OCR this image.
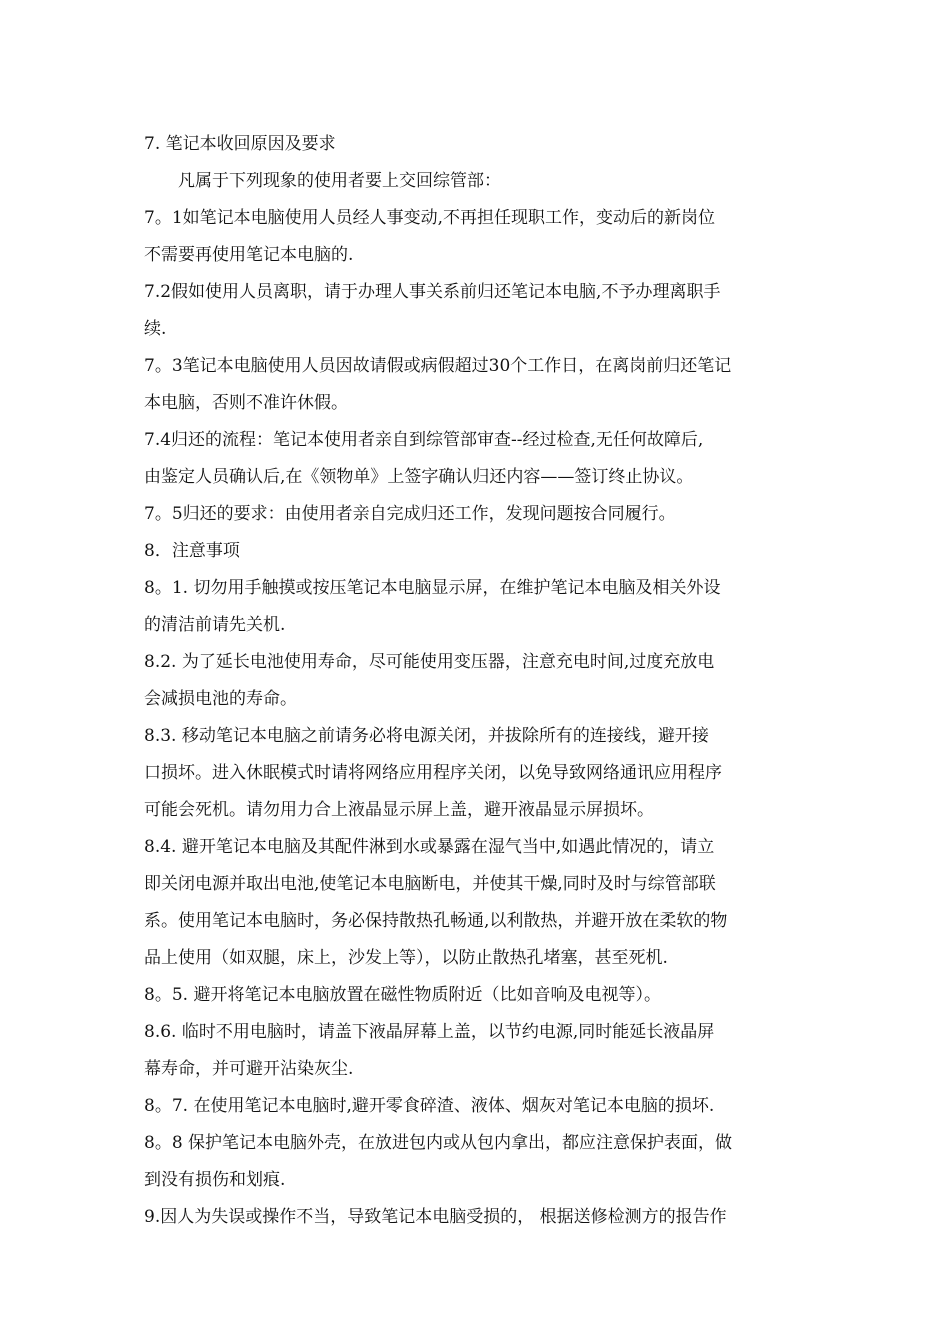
7. 笔记本收回原因及要求
凡属于下列现象的使用者要上交回综管部：
7。1如笔记本电脑使用人员经人事变动,不再担任现职工作，变动后的新岗位
不需要再使用笔记本电脑的.
7.2假如使用人员离职，请于办理人事关系前归还笔记本电脑,不予办理离职手
续.
7。3笔记本电脑使用人员因故请假或病假超过30个工作日，在离岗前归还笔记
本电脑，否则不准许休假。
7.4归还的流程：笔记本使用者亲自到综管部审查--经过检查,无任何故障后,
由鉴定人员确认后,在《领物单》上签字确认归还内容——签订终止协议。
7。5归还的要求：由使用者亲自完成归还工作，发现问题按合同履行。
8．注意事项
8。1. 切勿用手触摸或按压笔记本电脑显示屏，在维护笔记本电脑及相关外设
的清洁前请先关机.
8.2. 为了延长电池使用寿命，尽可能使用变压器，注意充电时间,过度充放电
会减损电池的寿命。
8.3. 移动笔记本电脑之前请务必将电源关闭，并拔除所有的连接线，避开接
口损坏。进入休眠模式时请将网络应用程序关闭，以免导致网络通讯应用程序
可能会死机。请勿用力合上液晶显示屏上盖，避开液晶显示屏损坏。
8.4. 避开笔记本电脑及其配件淋到水或暴露在湿气当中,如遇此情况的，请立
即关闭电源并取出电池,使笔记本电脑断电，并使其干燥,同时及时与综管部联
系。使用笔记本电脑时，务必保持散热孔畅通,以利散热，并避开放在柔软的物
品上使用（如双腿，床上，沙发上等），以防止散热孔堵塞，甚至死机.
8。5. 避开将笔记本电脑放置在磁性物质附近（比如音响及电视等）。
8.6. 临时不用电脑时，请盖下液晶屏幕上盖，以节约电源,同时能延长液晶屏
幕寿命，并可避开沾染灰尘.
8。7. 在使用笔记本电脑时,避开零食碎渣、液体、烟灰对笔记本电脑的损坏.
8。8 保护笔记本电脑外壳，在放进包内或从包内拿出，都应注意保护表面，做
到没有损伤和划痕.
9.因人为失误或操作不当，导致笔记本电脑受损的， 根据送修检测方的报告作
